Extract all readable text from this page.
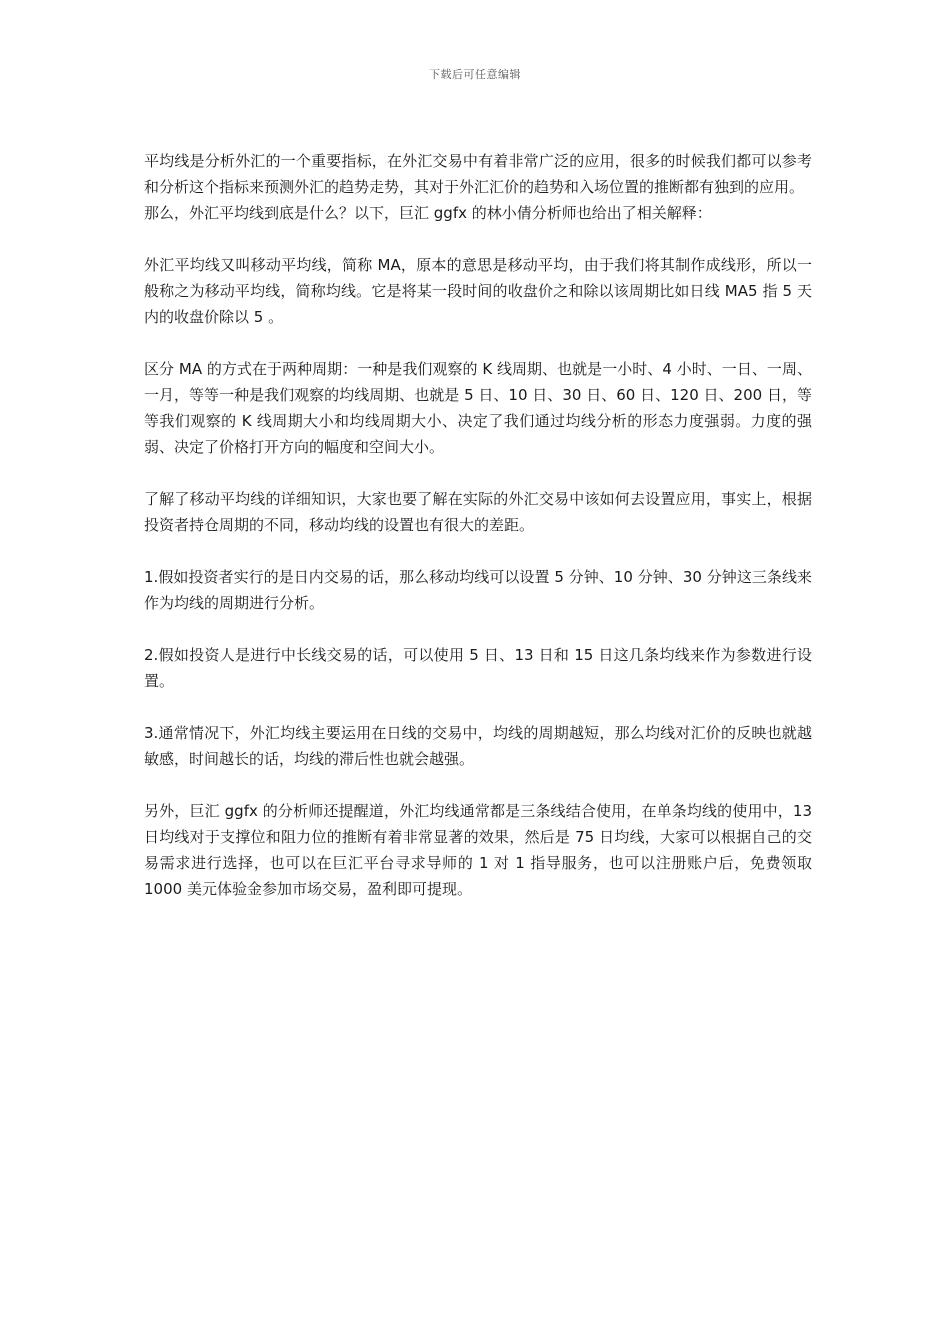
下载后可任意编辑

平均线是分析外汇的一个重要指标，在外汇交易中有着非常广泛的应用，很多的时候我们都可以参考和分析这个指标来预测外汇的趋势走势，其对于外汇汇价的趋势和入场位置的推断都有独到的应用。

那么，外汇平均线到底是什么？以下，巨汇 ggfx 的林小倩分析师也给出了相关解释：

外汇平均线又叫移动平均线，简称 MA，原本的意思是移动平均，由于我们将其制作成线形，所以一般称之为移动平均线，简称均线。它是将某一段时间的收盘价之和除以该周期比如日线 MA5 指 5 天内的收盘价除以 5 。

区分 MA 的方式在于两种周期：一种是我们观察的 K 线周期、也就是一小时、4 小时、一日、一周、一月，等等一种是我们观察的均线周期、也就是 5 日、10 日、30 日、60 日、120 日、200 日，等等我们观察的 K 线周期大小和均线周期大小、决定了我们通过均线分析的形态力度强弱。力度的强弱、决定了价格打开方向的幅度和空间大小。

了解了移动平均线的详细知识，大家也要了解在实际的外汇交易中该如何去设置应用，事实上，根据投资者持仓周期的不同，移动均线的设置也有很大的差距。

1.假如投资者实行的是日内交易的话，那么移动均线可以设置 5 分钟、10 分钟、30 分钟这三条线来作为均线的周期进行分析。

2.假如投资人是进行中长线交易的话，可以使用 5 日、13 日和 15 日这几条均线来作为参数进行设置。

3.通常情况下，外汇均线主要运用在日线的交易中，均线的周期越短，那么均线对汇价的反映也就越敏感，时间越长的话，均线的滞后性也就会越强。

另外，巨汇 ggfx 的分析师还提醒道，外汇均线通常都是三条线结合使用，在单条均线的使用中，13 日均线对于支撑位和阻力位的推断有着非常显著的效果，然后是 75 日均线，大家可以根据自己的交易需求进行选择，也可以在巨汇平台寻求导师的 1 对 1 指导服务，也可以注册账户后，免费领取 1000 美元体验金参加市场交易，盈利即可提现。
